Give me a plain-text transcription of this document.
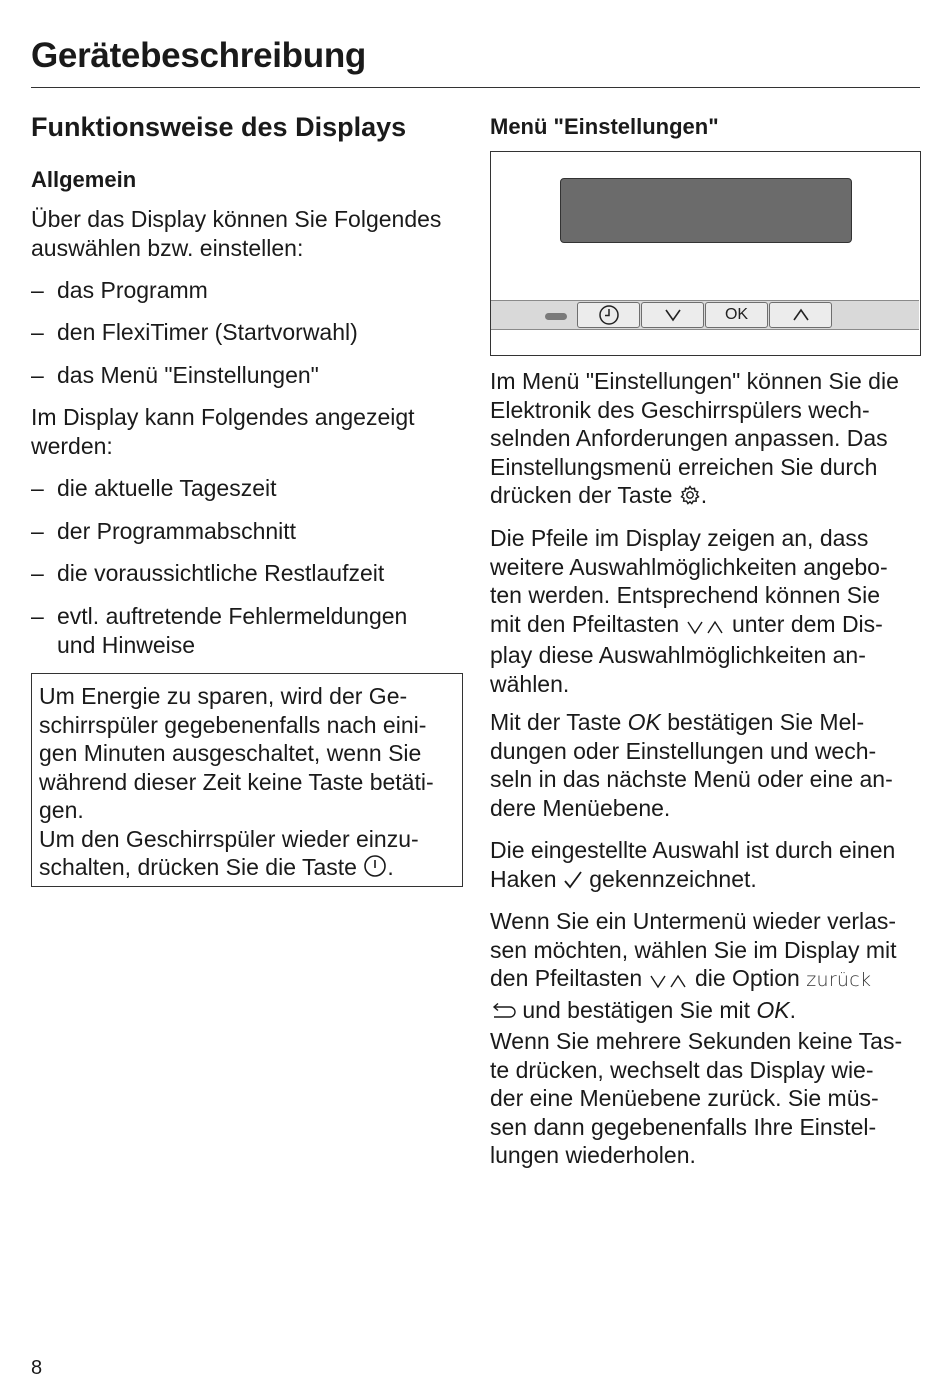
Gerätebeschreibung
Funktionsweise des Displays
Allgemein

Über das Display können Sie Folgendes
auswählen bzw. einstellen:

– das Programm
– den FlexiTimer (Startvorwahl)
– das Menü "Einstellungen"

Im Display kann Folgendes angezeigt
werden:

– die aktuelle Tageszeit
– der Programmabschnitt
– die voraussichtliche Restlaufzeit
– evtl. auftretende Fehlermeldungen
und Hinweise

Um Energie zu sparen, wird der Ge-
schirrspüler gegebenenfalls nach eini-
gen Minuten ausgeschaltet, wenn Sie
während dieser Zeit keine Taste betäti-
gen.
Um den Geschirrspüler wieder einzu-
schalten, drücken Sie die Taste .

Menü "Einstellungen"
OK

Im Menü "Einstellungen" können Sie die
Elektronik des Geschirrspülers wech-
selnden Anforderungen anpassen. Das
Einstellungsmenü erreichen Sie durch
drücken der Taste .

Die Pfeile im Display zeigen an, dass
weitere Auswahlmöglichkeiten angebo-
ten werden. Entsprechend können Sie
mit den Pfeiltasten unter dem Dis-
play diese Auswahlmöglichkeiten an-
wählen.

Mit der Taste OK bestätigen Sie Mel-
dungen oder Einstellungen und wech-
seln in das nächste Menü oder eine an-
dere Menüebene.

Die eingestellte Auswahl ist durch einen
Haken gekennzeichnet.

Wenn Sie ein Untermenü wieder verlas-
sen möchten, wählen Sie im Display mit
den Pfeiltasten die Option zurück
und bestätigen Sie mit OK.
Wenn Sie mehrere Sekunden keine Tas-
te drücken, wechselt das Display wie-
der eine Menüebene zurück. Sie müs-
sen dann gegebenenfalls Ihre Einstel-
lungen wiederholen.

8
